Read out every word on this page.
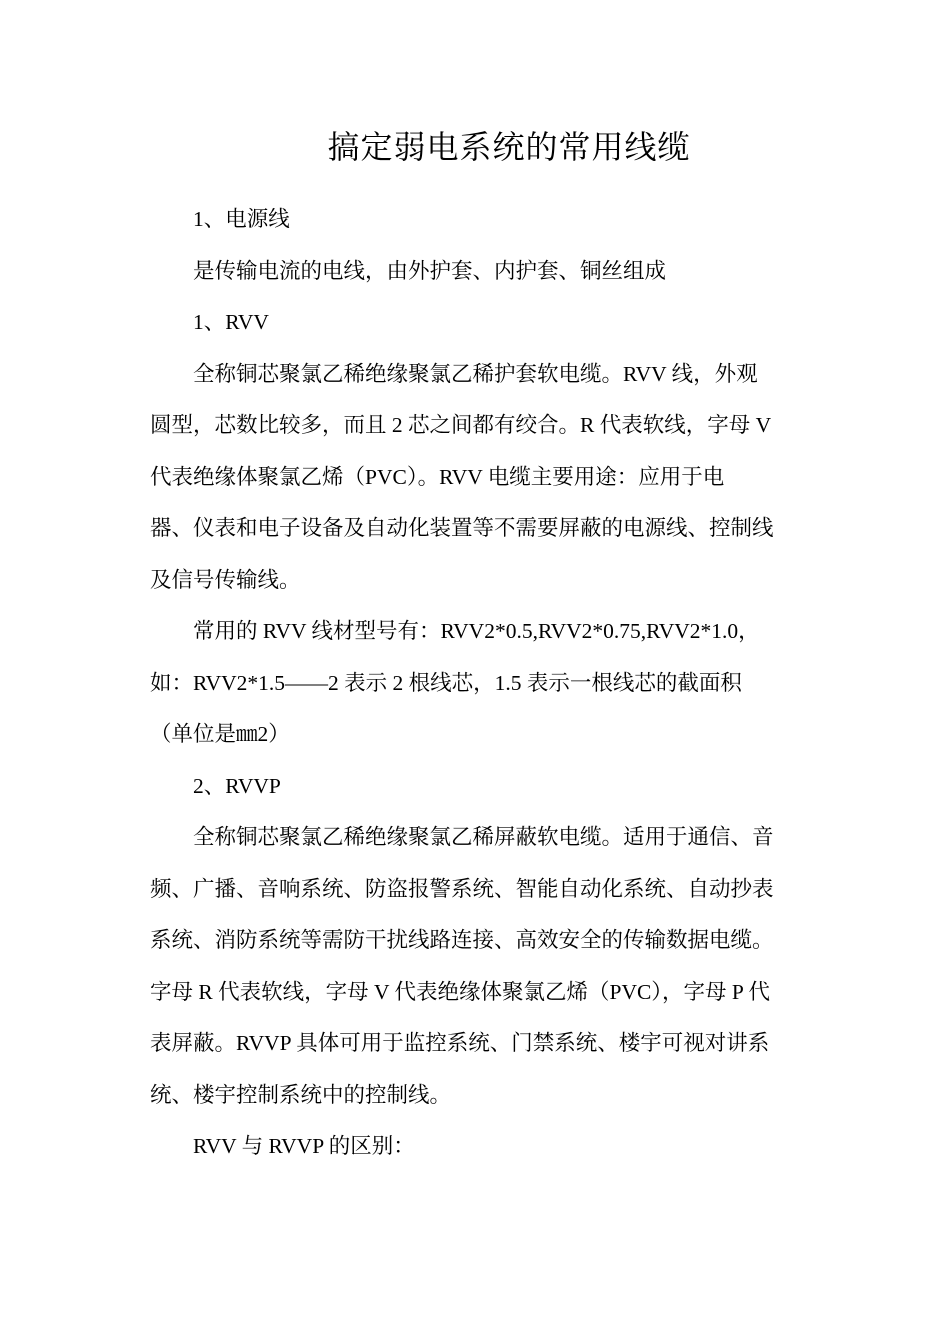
搞定弱电系统的常用线缆

1、电源线

是传输电流的电线，由外护套、内护套、铜丝组成

1、RVV

全称铜芯聚氯乙稀绝缘聚氯乙稀护套软电缆。RVV 线，外观

圆型，芯数比较多，而且 2 芯之间都有绞合。R 代表软线，字母 V

代表绝缘体聚氯乙烯（PVC）。RVV 电缆主要用途：应用于电

器、仪表和电子设备及自动化装置等不需要屏蔽的电源线、控制线

及信号传输线。

常用的 RVV 线材型号有：RVV2*0.5,RVV2*0.75,RVV2*1.0，

如：RVV2*1.5——2 表示 2 根线芯，1.5 表示一根线芯的截面积

（单位是㎜2）

2、RVVP

全称铜芯聚氯乙稀绝缘聚氯乙稀屏蔽软电缆。适用于通信、音

频、广播、音响系统、防盗报警系统、智能自动化系统、自动抄表

系统、消防系统等需防干扰线路连接、高效安全的传输数据电缆。

字母 R 代表软线，字母 V 代表绝缘体聚氯乙烯（PVC），字母 P 代

表屏蔽。RVVP 具体可用于监控系统、门禁系统、楼宇可视对讲系

统、楼宇控制系统中的控制线。

RVV 与 RVVP 的区别：
